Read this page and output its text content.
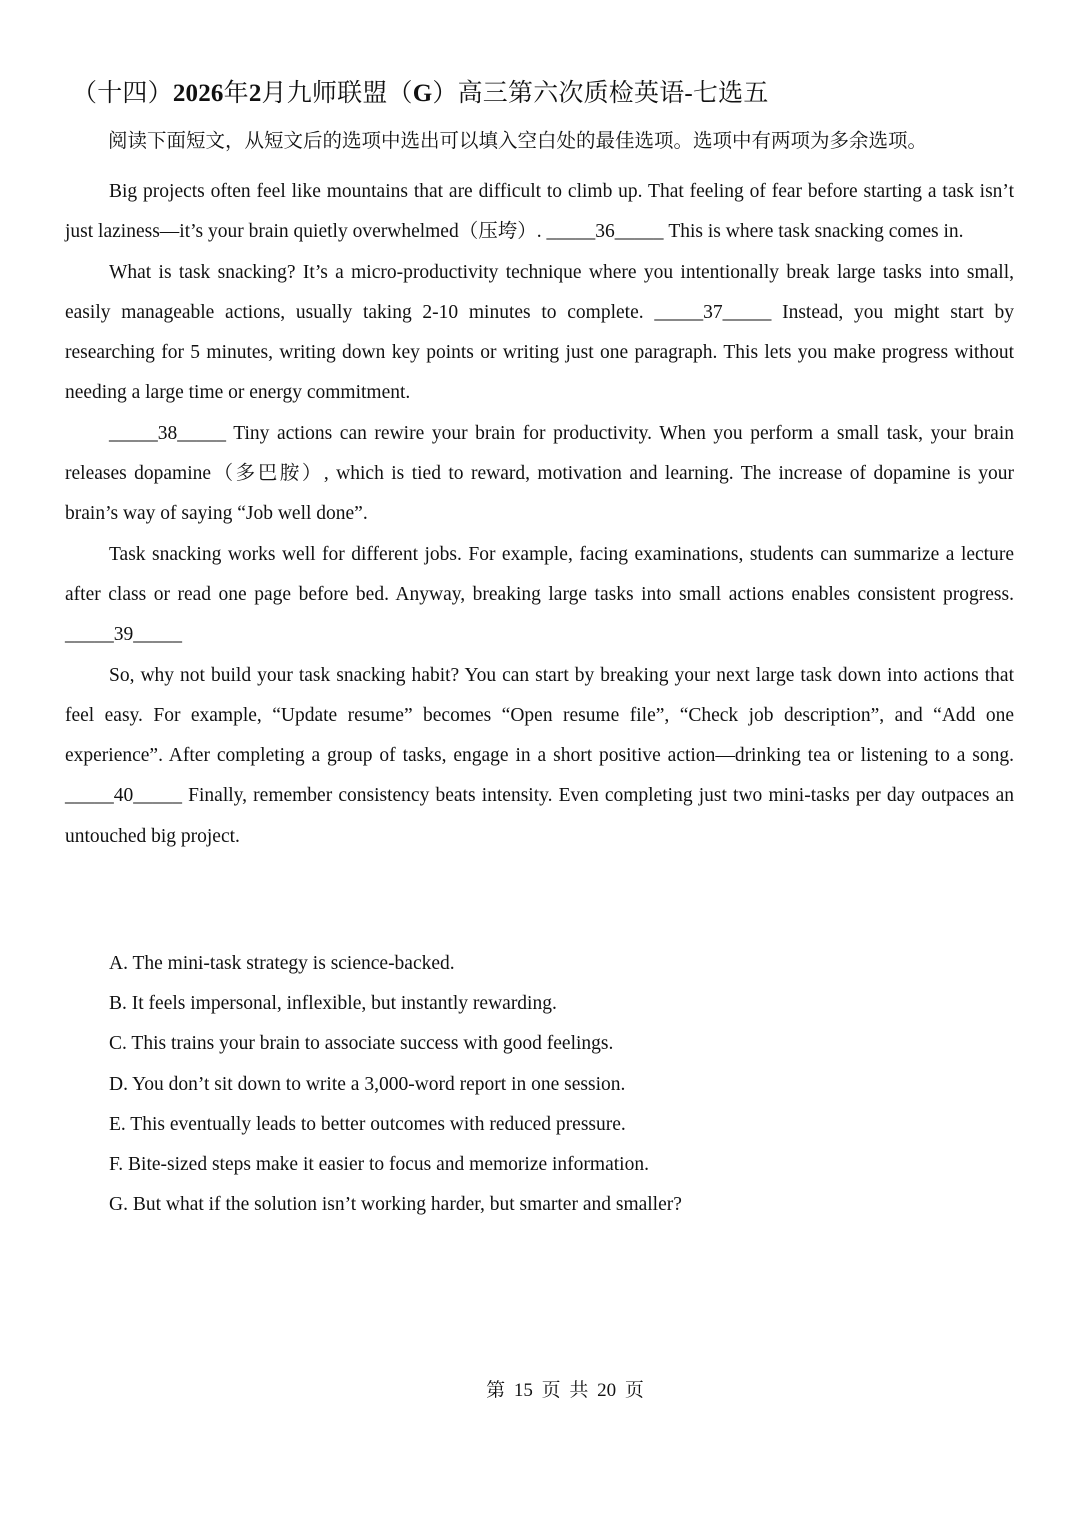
（十四）2026年2月九师联盟（G）高三第六次质检英语-七选五
阅读下面短文，从短文后的选项中选出可以填入空白处的最佳选项。选项中有两项为多余选项。

Big projects often feel like mountains that are difficult to climb up. That feeling of fear before starting a task isn’t just laziness—it’s your brain quietly overwhelmed（压垮）. _____36_____ This is where task snacking comes in.

What is task snacking? It’s a micro-productivity technique where you intentionally break large tasks into small, easily manageable actions, usually taking 2-10 minutes to complete. _____37_____ Instead, you might start by researching for 5 minutes, writing down key points or writing just one paragraph. This lets you make progress without needing a large time or energy commitment.

_____38_____ Tiny actions can rewire your brain for productivity. When you perform a small task, your brain releases dopamine（多巴胺）, which is tied to reward, motivation and learning. The increase of dopamine is your brain’s way of saying “Job well done”.

Task snacking works well for different jobs. For example, facing examinations, students can summarize a lecture after class or read one page before bed. Anyway, breaking large tasks into small actions enables consistent progress. _____39_____

So, why not build your task snacking habit? You can start by breaking your next large task down into actions that feel easy. For example, “Update resume” becomes “Open resume file”, “Check job description”, and “Add one experience”. After completing a group of tasks, engage in a short positive action—drinking tea or listening to a song. _____40_____ Finally, remember consistency beats intensity. Even completing just two mini-tasks per day outpaces an untouched big project.

A. The mini-task strategy is science-backed.
B. It feels impersonal, inflexible, but instantly rewarding.
C. This trains your brain to associate success with good feelings.
D. You don’t sit down to write a 3,000-word report in one session.
E. This eventually leads to better outcomes with reduced pressure.
F. Bite-sized steps make it easier to focus and memorize information.
G. But what if the solution isn’t working harder, but smarter and smaller?
第 15 页 共 20 页
